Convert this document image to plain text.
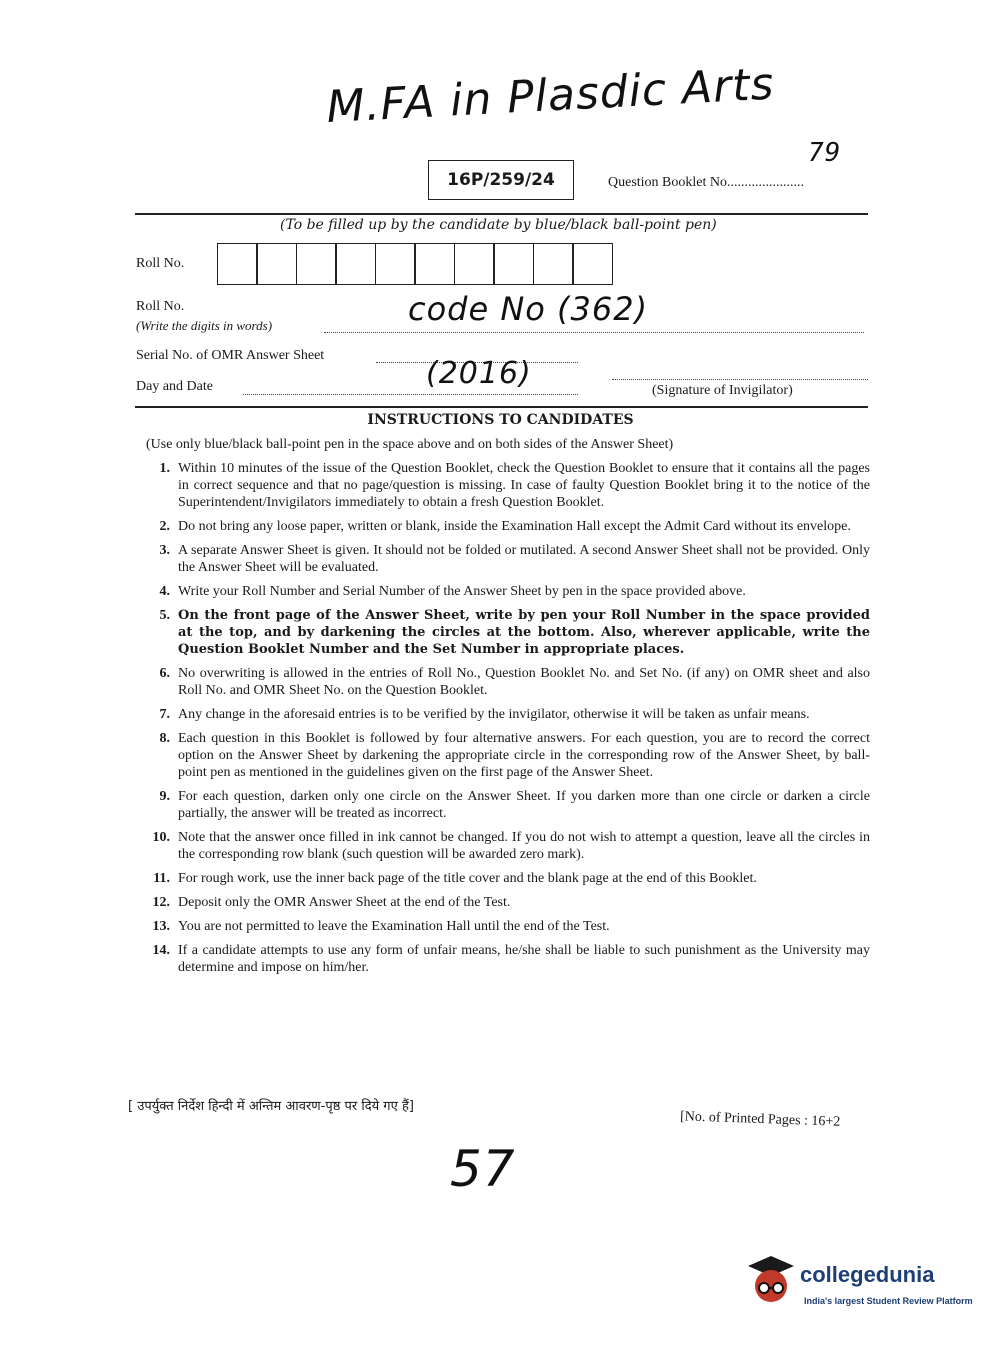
M.FA in Plasdic Arts
79
16P/259/24	Question Booklet No......................
(To be filled up by the candidate by blue/black ball-point pen)
Roll No.
Roll No.
(Write the digits in words)	code No (362)
Serial No. of OMR Answer Sheet
Day and Date	(2016)	(Signature of Invigilator)
INSTRUCTIONS TO CANDIDATES
(Use only blue/black ball-point pen in the space above and on both sides of the Answer Sheet)
1. Within 10 minutes of the issue of the Question Booklet, check the Question Booklet to ensure that it contains all the pages in correct sequence and that no page/question is missing. In case of faulty Question Booklet bring it to the notice of the Superintendent/Invigilators immediately to obtain a fresh Question Booklet.
2. Do not bring any loose paper, written or blank, inside the Examination Hall except the Admit Card without its envelope.
3. A separate Answer Sheet is given. It should not be folded or mutilated. A second Answer Sheet shall not be provided. Only the Answer Sheet will be evaluated.
4. Write your Roll Number and Serial Number of the Answer Sheet by pen in the space provided above.
5. On the front page of the Answer Sheet, write by pen your Roll Number in the space provided at the top, and by darkening the circles at the bottom. Also, wherever applicable, write the Question Booklet Number and the Set Number in appropriate places.
6. No overwriting is allowed in the entries of Roll No., Question Booklet No. and Set No. (if any) on OMR sheet and also Roll No. and OMR Sheet No. on the Question Booklet.
7. Any change in the aforesaid entries is to be verified by the invigilator, otherwise it will be taken as unfair means.
8. Each question in this Booklet is followed by four alternative answers. For each question, you are to record the correct option on the Answer Sheet by darkening the appropriate circle in the corresponding row of the Answer Sheet, by ball-point pen as mentioned in the guidelines given on the first page of the Answer Sheet.
9. For each question, darken only one circle on the Answer Sheet. If you darken more than one circle or darken a circle partially, the answer will be treated as incorrect.
10. Note that the answer once filled in ink cannot be changed. If you do not wish to attempt a question, leave all the circles in the corresponding row blank (such question will be awarded zero mark).
11. For rough work, use the inner back page of the title cover and the blank page at the end of this Booklet.
12. Deposit only the OMR Answer Sheet at the end of the Test.
13. You are not permitted to leave the Examination Hall until the end of the Test.
14. If a candidate attempts to use any form of unfair means, he/she shall be liable to such punishment as the University may determine and impose on him/her.
[ उपर्युक्त निर्देश हिन्दी में अन्तिम आवरण-पृष्ठ पर दिये गए हैं]
[No. of Printed Pages : 16+2
57
collegedunia
India's largest Student Review Platform
